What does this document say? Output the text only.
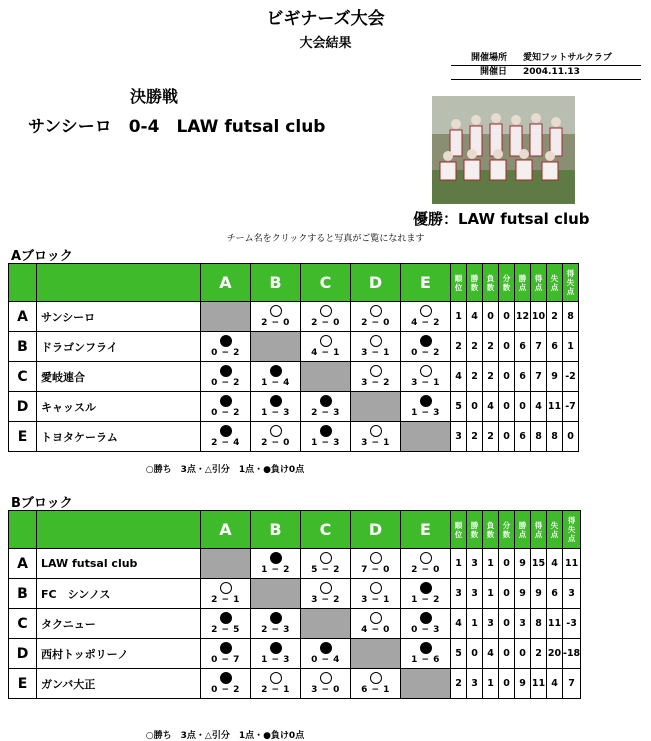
ビギナーズ大会
大会結果
開催場所	愛知フットサルクラブ
開催日	2004.11.13
決勝戦
サンシーロ　0-4　LAW futsal club
優勝：LAW futsal club
チーム名をクリックすると写真がご覧になれます
Aブロック
		A	B	C	D	E	順位	勝数	負数	分数	勝点	得点	失点	得失点
A	サンシーロ		2 − 0	2 − 0	2 − 0	4 − 2	1	4	0	0	12	10	2	8
B	ドラゴンフライ	0 − 2		4 − 1	3 − 1	0 − 2	2	2	2	0	6	7	6	1
C	愛岐連合	0 − 2	1 − 4		3 − 2	3 − 1	4	2	2	0	6	7	9	-2
D	キャッスル	0 − 2	1 − 3	2 − 3		1 − 3	5	0	4	0	0	4	11	-7
E	トヨタケーラム	2 − 4	2 − 0	1 − 3	3 − 1		3	2	2	0	6	8	8	0
○勝ち　3点・△引分　1点・●負け0点
Bブロック
		A	B	C	D	E	順位	勝数	負数	分数	勝点	得点	失点	得失点
A	LAW futsal club		1 − 2	5 − 2	7 − 0	2 − 0	1	3	1	0	9	15	4	11
B	FC　シンノス	2 − 1		3 − 2	3 − 1	1 − 2	3	3	1	0	9	9	6	3
C	タクニュー	2 − 5	2 − 3		4 − 0	0 − 3	4	1	3	0	3	8	11	-3
D	西村トッポリーノ	0 − 7	1 − 3	0 − 4		1 − 6	5	0	4	0	0	2	20	-18
E	ガンバ大正	0 − 2	2 − 1	3 − 0	6 − 1		2	3	1	0	9	11	4	7
○勝ち　3点・△引分　1点・●負け0点
